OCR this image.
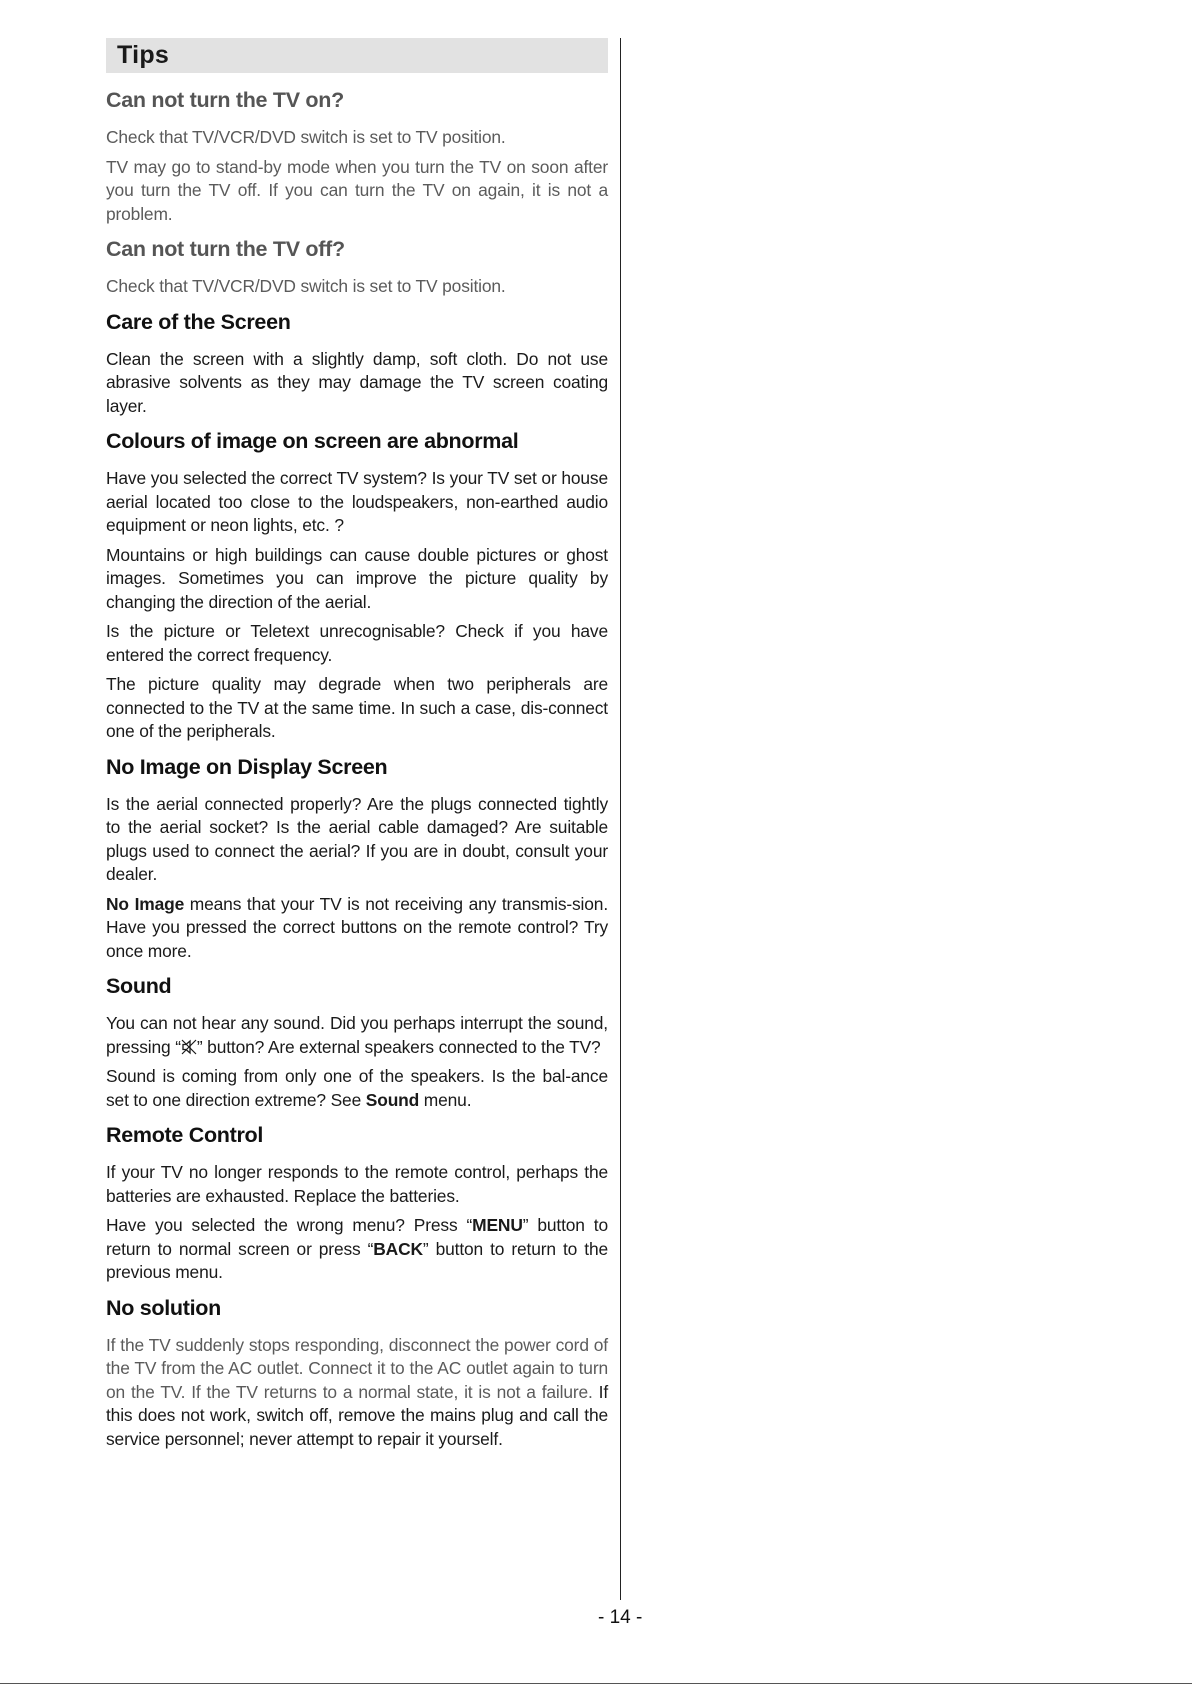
Tips
Can not turn the TV on?

Check that TV/VCR/DVD switch is set to TV position.

TV may go to stand-by mode when you turn the TV on soon after you turn the TV off. If you can turn the TV on again, it is not a problem.

Can not turn the TV off?

Check that TV/VCR/DVD switch is set to TV position.

Care of the Screen

Clean the screen with a slightly damp, soft cloth. Do not use abrasive solvents as they may damage the TV screen coating layer.

Colours of image on screen are abnormal

Have you selected the correct TV system? Is your TV set or house aerial located too close to the loudspeakers, non-earthed audio equipment or neon lights, etc. ?

Mountains or high buildings can cause double pictures or ghost images. Sometimes you can improve the picture quality by changing the direction of the aerial.

Is the picture or Teletext unrecognisable? Check if you have entered the correct frequency.

The picture quality may degrade when two peripherals are connected to the TV at the same time. In such a case, dis-connect one of the peripherals.

No Image on Display Screen

Is the aerial connected properly? Are the plugs connected tightly to the aerial socket? Is the aerial cable damaged? Are suitable plugs used to connect the aerial? If you are in doubt, consult your dealer.

No Image means that your TV is not receiving any transmis-sion. Have you pressed the correct buttons on the remote control? Try once more.

Sound

You can not hear any sound. Did you perhaps interrupt the sound, pressing “ ” button? Are external speakers connected to the TV?

Sound is coming from only one of the speakers. Is the bal-ance set to one direction extreme? See Sound menu.

Remote Control

If your TV no longer responds to the remote control, perhaps the batteries are exhausted. Replace the batteries.

Have you selected the wrong menu? Press “MENU” button to return to normal screen or press “BACK” button to return to the previous menu.

No solution

If the TV suddenly stops responding, disconnect the power cord of the TV from the AC outlet. Connect it to the AC outlet again to turn on the TV. If the TV returns to a normal state, it is not a failure. If this does not work, switch off, remove the mains plug and call the service personnel; never attempt to repair it yourself.

- 14 -
